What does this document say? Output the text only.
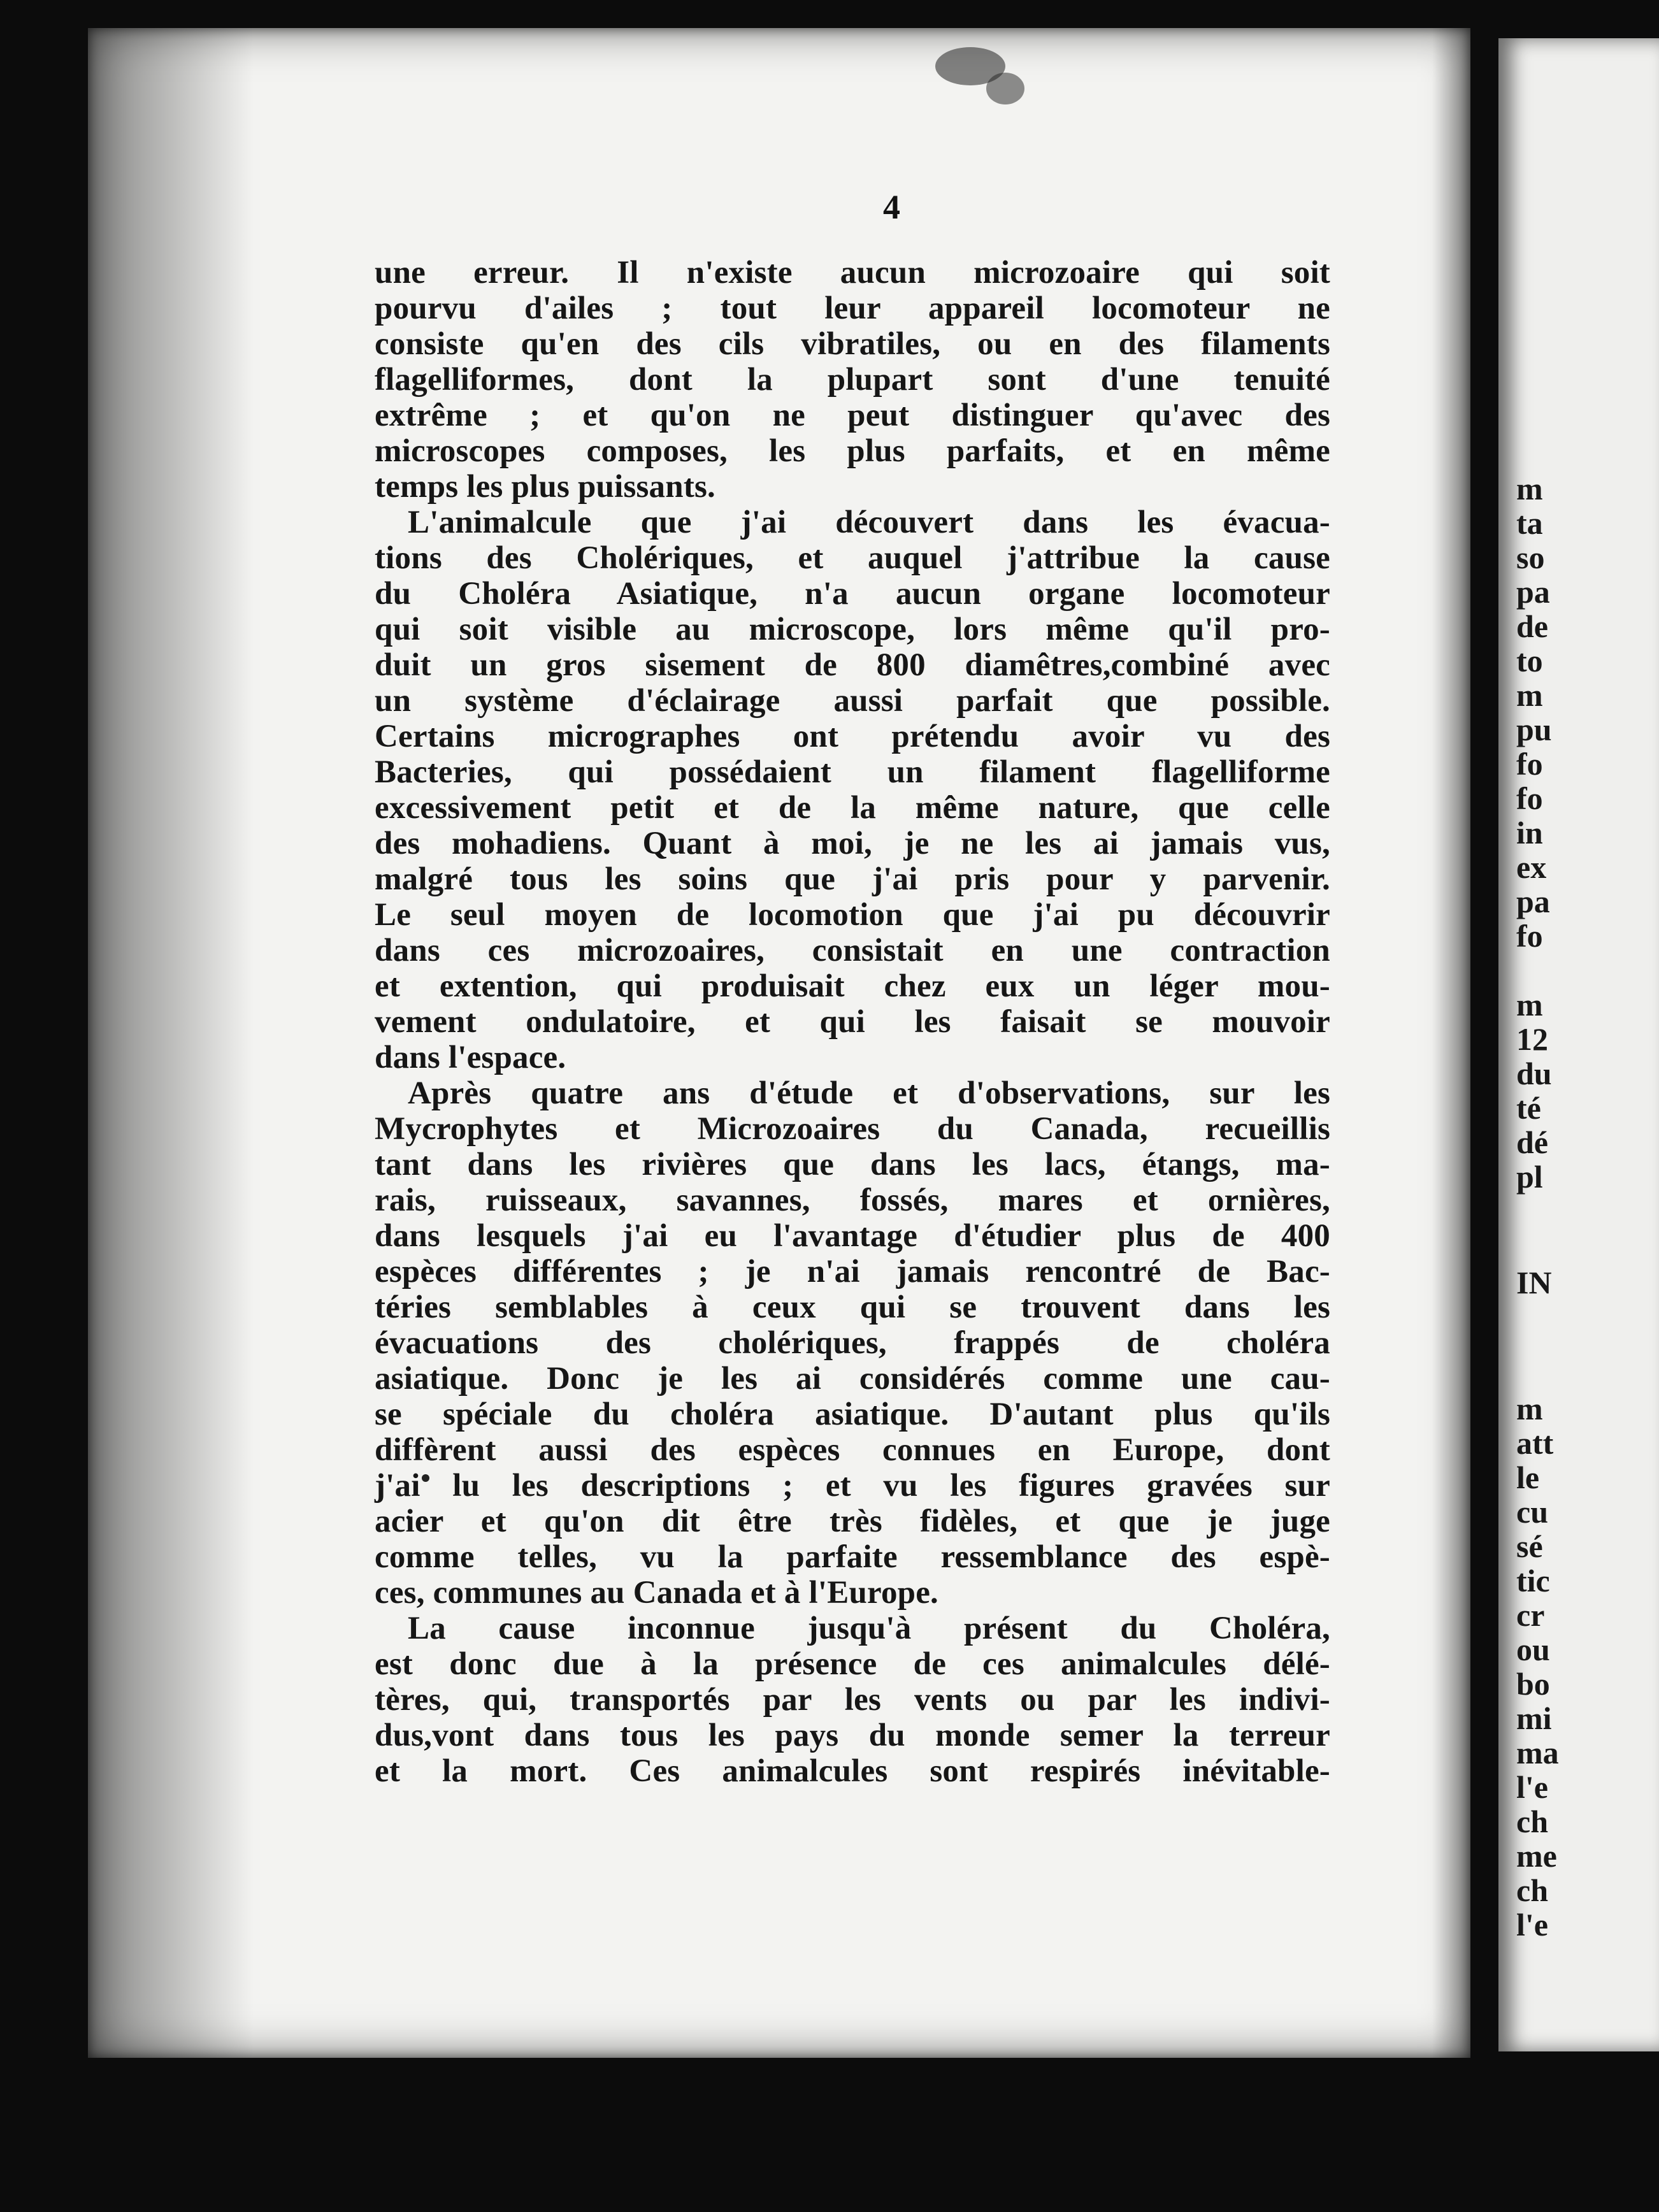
4
une erreur. Il n'existe aucun microzoaire qui soit
pourvu d'ailes ; tout leur appareil locomoteur ne
consiste qu'en des cils vibratiles, ou en des filaments
flagelliformes, dont la plupart sont d'une tenuité
extrême ; et qu'on ne peut distinguer qu'avec des
microscopes composes, les plus parfaits, et en même
temps les plus puissants.
L'animalcule que j'ai découvert dans les évacua-
tions des Cholériques, et auquel j'attribue la cause
du Choléra Asiatique, n'a aucun organe locomoteur
qui soit visible au microscope, lors même qu'il pro-
duit un gros sisement de 800 diamêtres,combiné avec
un système d'éclairage aussi parfait que possible.
Certains micrographes ont prétendu avoir vu des
Bacteries, qui possédaient un filament flagelliforme
excessivement petit et de la même nature, que celle
des mohadiens. Quant à moi, je ne les ai jamais vus,
malgré tous les soins que j'ai pris pour y parvenir.
Le seul moyen de locomotion que j'ai pu découvrir
dans ces microzoaires, consistait en une contraction
et extention, qui produisait chez eux un léger mou-
vement ondulatoire, et qui les faisait se mouvoir
dans l'espace.
Après quatre ans d'étude et d'observations, sur les
Mycrophytes et Microzoaires du Canada, recueillis
tant dans les rivières que dans les lacs, étangs, ma-
rais, ruisseaux, savannes, fossés, mares et ornières,
dans lesquels j'ai eu l'avantage d'étudier plus de 400
espèces différentes ; je n'ai jamais rencontré de Bac-
téries semblables à ceux qui se trouvent dans les
évacuations des cholériques, frappés de choléra
asiatique. Donc je les ai considérés comme une cau-
se spéciale du choléra asiatique. D'autant plus qu'ils
diffèrent aussi des espèces connues en Europe, dont
j'ai lu les descriptions ; et vu les figures gravées sur
acier et qu'on dit être très fidèles, et que je juge
comme telles, vu la parfaite ressemblance des espè-
ces, communes au Canada et à l'Europe.
La cause inconnue jusqu'à présent du Choléra,
est donc due à la présence de ces animalcules délé-
tères, qui, transportés par les vents ou par les indivi-
dus,vont dans tous les pays du monde semer la terreur
et la mort. Ces animalcules sont respirés inévitable-
m
ta
so
pa
de
to
m
pu
fo
fo
in
ex
pa
fo
m
12
du
té
dé
pl
IN
m
att
le
cu
sé
tic
cr
ou
bo
mi
ma
l'e
ch
me
ch
l'e
